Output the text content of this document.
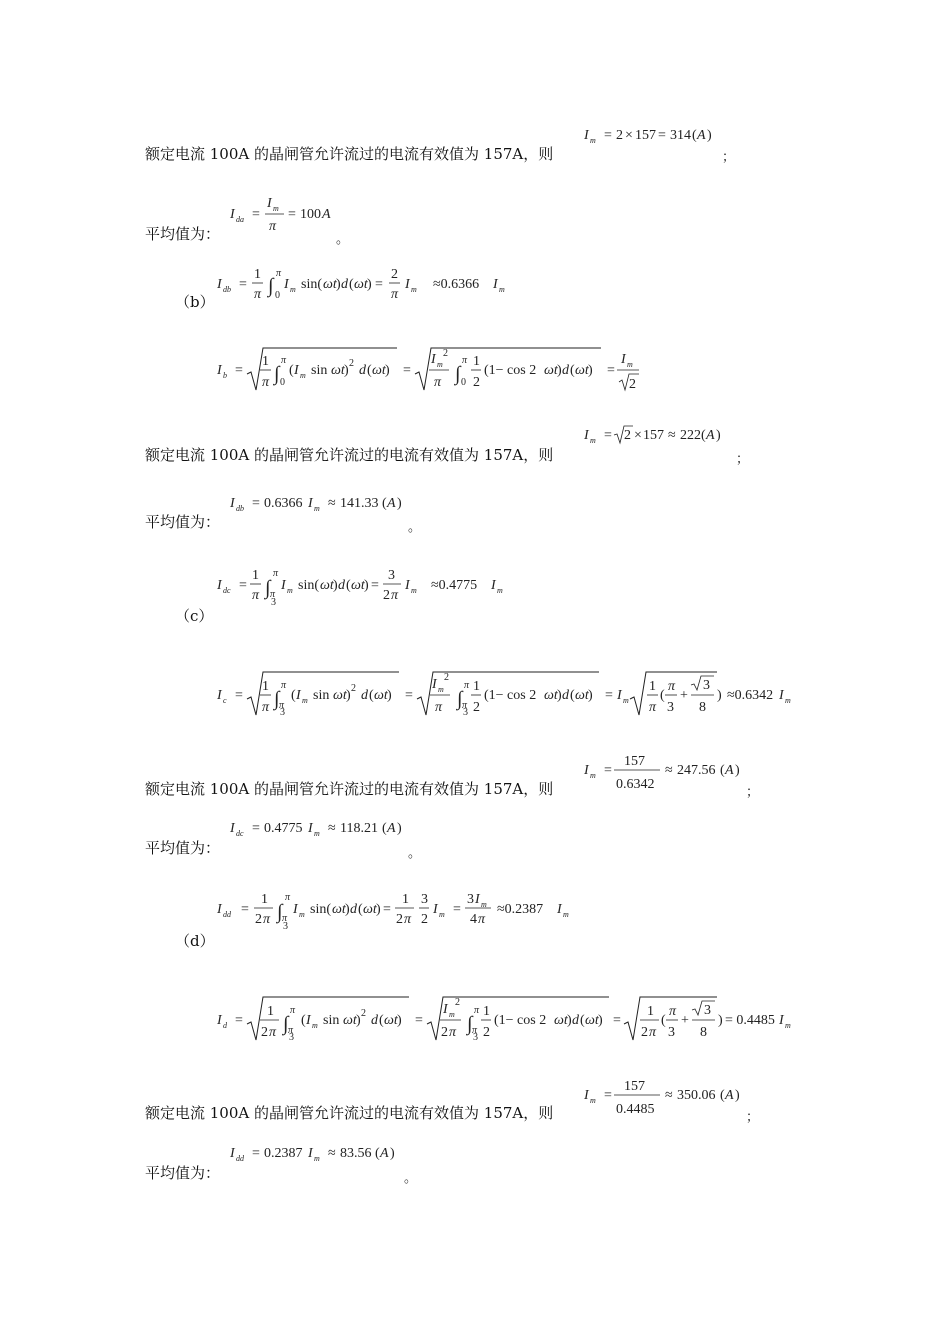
额定电流 100A 的晶闸管允许流过的电流有效值为 157A，则
I m = 2 × 157 = 314 ( A )
；
平均值为：
I da =
I m
π
= 100 A
。
（b）
I db =
1
π ∫
π
0
I m sin( ωt ) d ( ωt ) =
2
π
I m ≈0.6366 I m
I b =
1
π ∫
π
0
( I m sin ωt ) 2 d ( ωt ) =
I m
2
π ∫
π
0
1
2
(1− cos 2 ωt ) d ( ωt ) =
I m
2
额定电流 100A 的晶闸管允许流过的电流有效值为 157A，则
I m = 2 × 157 ≈ 222 ( A )
；
平均值为：
I db = 0.6366 I m ≈ 141.33 ( A )
。
（c）
I dc =
1
π ∫
π
π
3
I m sin( ωt ) d ( ωt ) =
3
2 π
I m ≈0.4775 I m
I c =
1
π ∫
π
π
3
( I m sin ωt ) 2 d ( ωt ) =
I m
2
π ∫
π
π
3
1
2
(1− cos 2 ωt ) d ( ωt ) = I m
1
π
(
π
3
+
3
8
) ≈0.6342 I m
额定电流 100A 的晶闸管允许流过的电流有效值为 157A，则
I m =
157
0.6342
≈ 247.56 ( A )
；
平均值为：
I dc = 0.4775 I m ≈ 118.21 ( A )
。
（d）
I dd =
1
2 π ∫
π
π
3
I m sin( ωt ) d ( ωt ) =
1
2 π
3
2
I m =
3 I m
4 π
≈0.2387 I m
I d =
1
2 π ∫
π
π
3
( I m sin ωt ) 2 d ( ωt ) =
I m
2
2 π ∫
π
π
3
1
2
(1− cos 2 ωt ) d ( ωt ) =
1
2 π
(
π
3
+
3
8
) = 0.4485 I m
额定电流 100A 的晶闸管允许流过的电流有效值为 157A，则
I m =
157
0.4485
≈ 350.06 ( A )
；
平均值为：
I dd = 0.2387 I m ≈ 83.56 ( A )
。
